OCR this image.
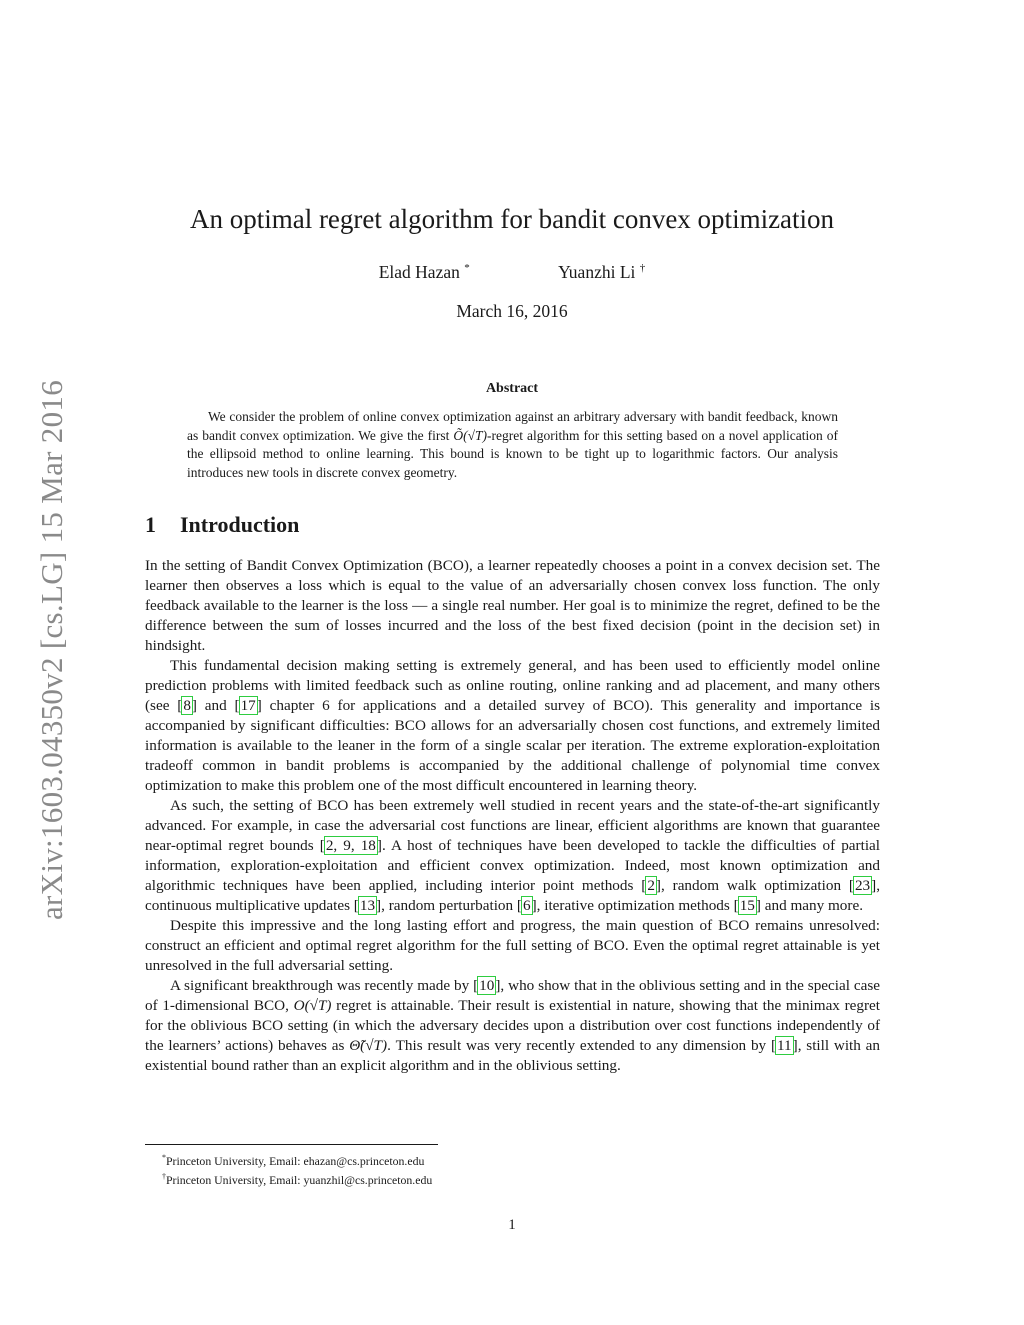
arXiv:1603.04350v2 [cs.LG] 15 Mar 2016
An optimal regret algorithm for bandit convex optimization
Elad Hazan *	Yuanzhi Li †
March 16, 2016
Abstract

We consider the problem of online convex optimization against an arbitrary adversary with bandit feedback, known as bandit convex optimization. We give the first Õ(√T)-regret algorithm for this setting based on a novel application of the ellipsoid method to online learning. This bound is known to be tight up to logarithmic factors. Our analysis introduces new tools in discrete convex geometry.

1 Introduction

In the setting of Bandit Convex Optimization (BCO), a learner repeatedly chooses a point in a convex decision set. The learner then observes a loss which is equal to the value of an adversarially chosen convex loss function. The only feedback available to the learner is the loss — a single real number. Her goal is to minimize the regret, defined to be the difference between the sum of losses incurred and the loss of the best fixed decision (point in the decision set) in hindsight.

This fundamental decision making setting is extremely general, and has been used to efficiently model online prediction problems with limited feedback such as online routing, online ranking and ad placement, and many others (see [8] and [17] chapter 6 for applications and a detailed survey of BCO). This generality and importance is accompanied by significant difficulties: BCO allows for an adversarially chosen cost functions, and extremely limited information is available to the leaner in the form of a single scalar per iteration. The extreme exploration-exploitation tradeoff common in bandit problems is accompanied by the additional challenge of polynomial time convex optimization to make this problem one of the most difficult encountered in learning theory.

As such, the setting of BCO has been extremely well studied in recent years and the state-of-the-art significantly advanced. For example, in case the adversarial cost functions are linear, efficient algorithms are known that guarantee near-optimal regret bounds [2, 9, 18]. A host of techniques have been developed to tackle the difficulties of partial information, exploration-exploitation and efficient convex optimization. Indeed, most known optimization and algorithmic techniques have been applied, including interior point methods [2], random walk optimization [23], continuous multiplicative updates [13], random perturbation [6], iterative optimization methods [15] and many more.

Despite this impressive and the long lasting effort and progress, the main question of BCO remains unresolved: construct an efficient and optimal regret algorithm for the full setting of BCO. Even the optimal regret attainable is yet unresolved in the full adversarial setting.

A significant breakthrough was recently made by [10], who show that in the oblivious setting and in the special case of 1-dimensional BCO, O(√T) regret is attainable. Their result is existential in nature, showing that the minimax regret for the oblivious BCO setting (in which the adversary decides upon a distribution over cost functions independently of the learners’ actions) behaves as Θ̃(√T). This result was very recently extended to any dimension by [11], still with an existential bound rather than an explicit algorithm and in the oblivious setting.

*Princeton University, Email: ehazan@cs.princeton.edu
†Princeton University, Email: yuanzhil@cs.princeton.edu
1
